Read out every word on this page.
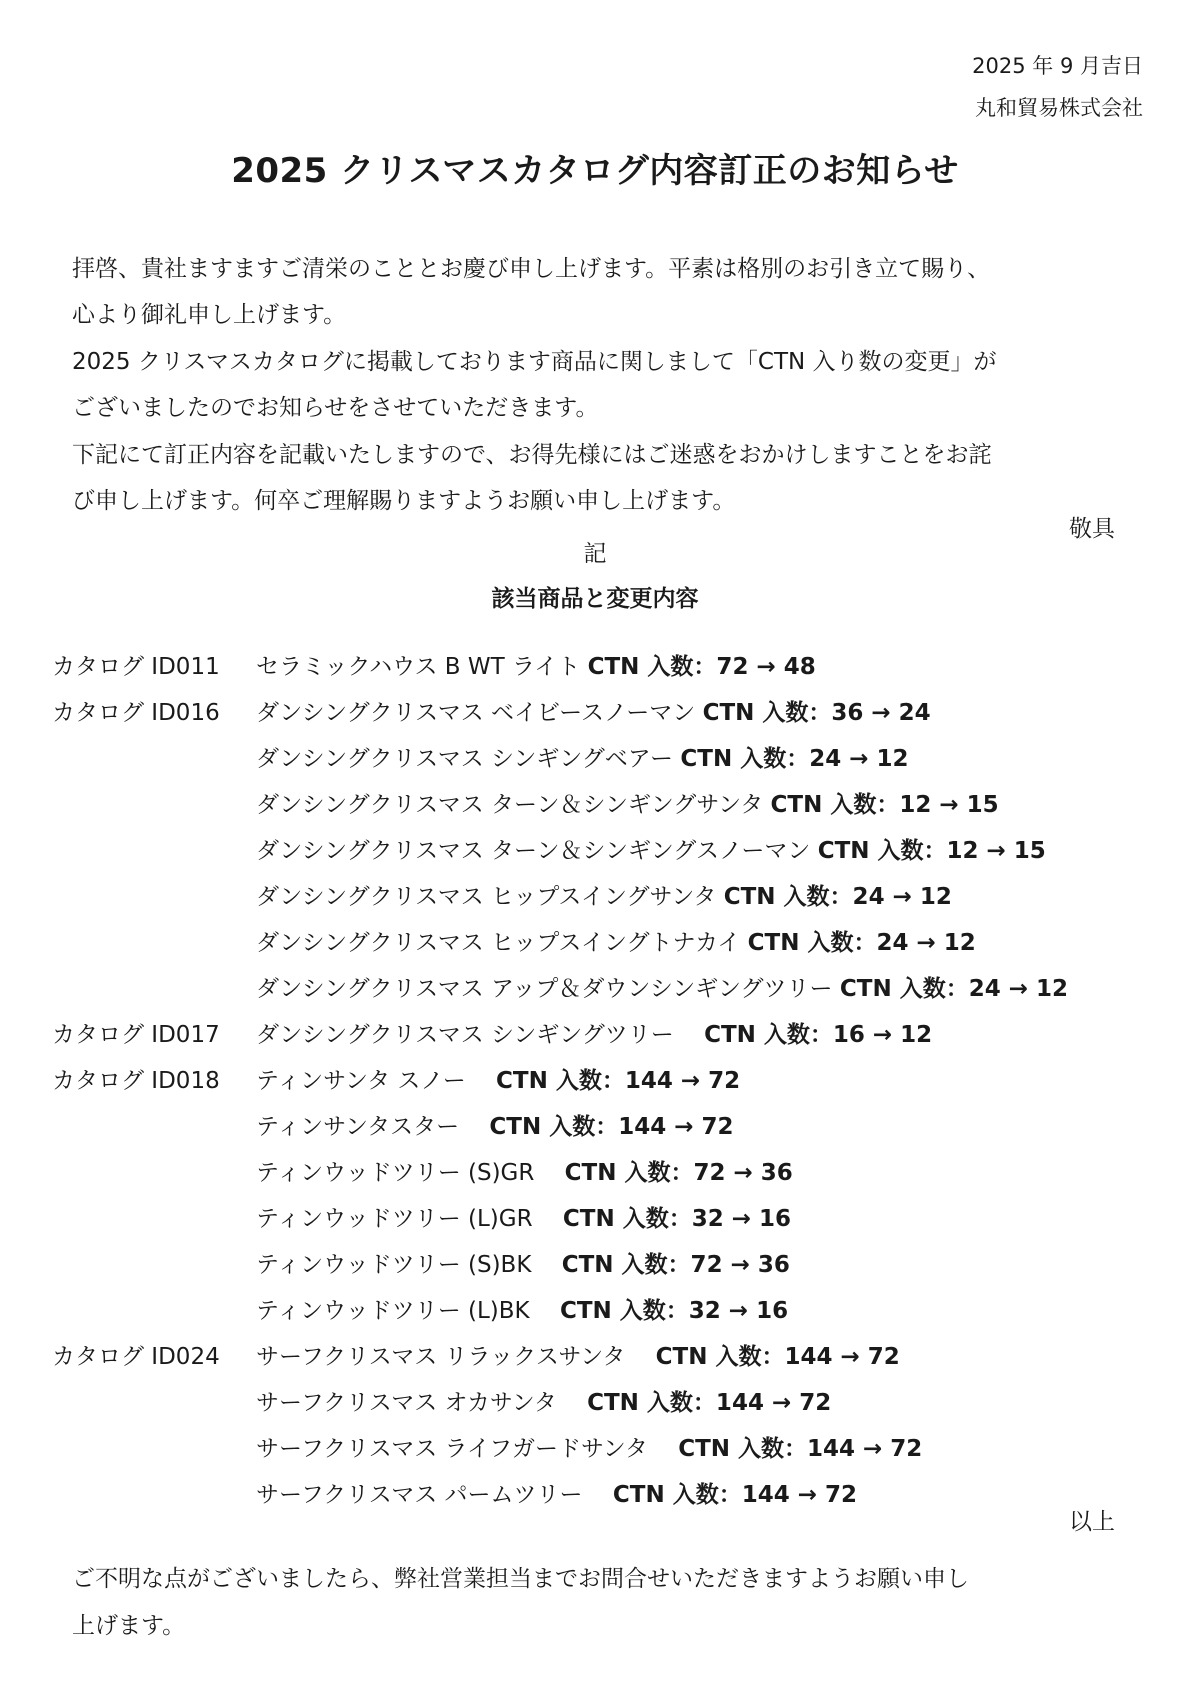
2025 年 9 月吉日
丸和貿易株式会社
2025 クリスマスカタログ内容訂正のお知らせ
拝啓、貴社ますますご清栄のこととお慶び申し上げます。平素は格別のお引き立て賜り、
心より御礼申し上げます。
2025 クリスマスカタログに掲載しております商品に関しまして「CTN 入り数の変更」が
ございましたのでお知らせをさせていただきます。
下記にて訂正内容を記載いたしますので、お得先様にはご迷惑をおかけしますことをお詫
び申し上げます。何卒ご理解賜りますようお願い申し上げます。
敬具
記
該当商品と変更内容
カタログ ID011 セラミックハウス B WT ライト CTN 入数：72 → 48
カタログ ID016 ダンシングクリスマス ベイビースノーマン CTN 入数：36 → 24
ダンシングクリスマス シンギングベアー CTN 入数：24 → 12
ダンシングクリスマス ターン＆シンギングサンタ CTN 入数：12 → 15
ダンシングクリスマス ターン＆シンギングスノーマン CTN 入数：12 → 15
ダンシングクリスマス ヒップスイングサンタ CTN 入数：24 → 12
ダンシングクリスマス ヒップスイングトナカイ CTN 入数：24 → 12
ダンシングクリスマス アップ＆ダウンシンギングツリー CTN 入数：24 → 12
カタログ ID017 ダンシングクリスマス シンギングツリー　 CTN 入数：16 → 12
カタログ ID018 ティンサンタ スノー　 CTN 入数：144 → 72
ティンサンタスター　 CTN 入数：144 → 72
ティンウッドツリー (S)GR　 CTN 入数：72 → 36
ティンウッドツリー (L)GR　 CTN 入数：32 → 16
ティンウッドツリー (S)BK　 CTN 入数：72 → 36
ティンウッドツリー (L)BK　 CTN 入数：32 → 16
カタログ ID024 サーフクリスマス リラックスサンタ　 CTN 入数：144 → 72
サーフクリスマス オカサンタ　 CTN 入数：144 → 72
サーフクリスマス ライフガードサンタ　 CTN 入数：144 → 72
サーフクリスマス パームツリー　 CTN 入数：144 → 72
以上
ご不明な点がございましたら、弊社営業担当までお問合せいただきますようお願い申し
上げます。
